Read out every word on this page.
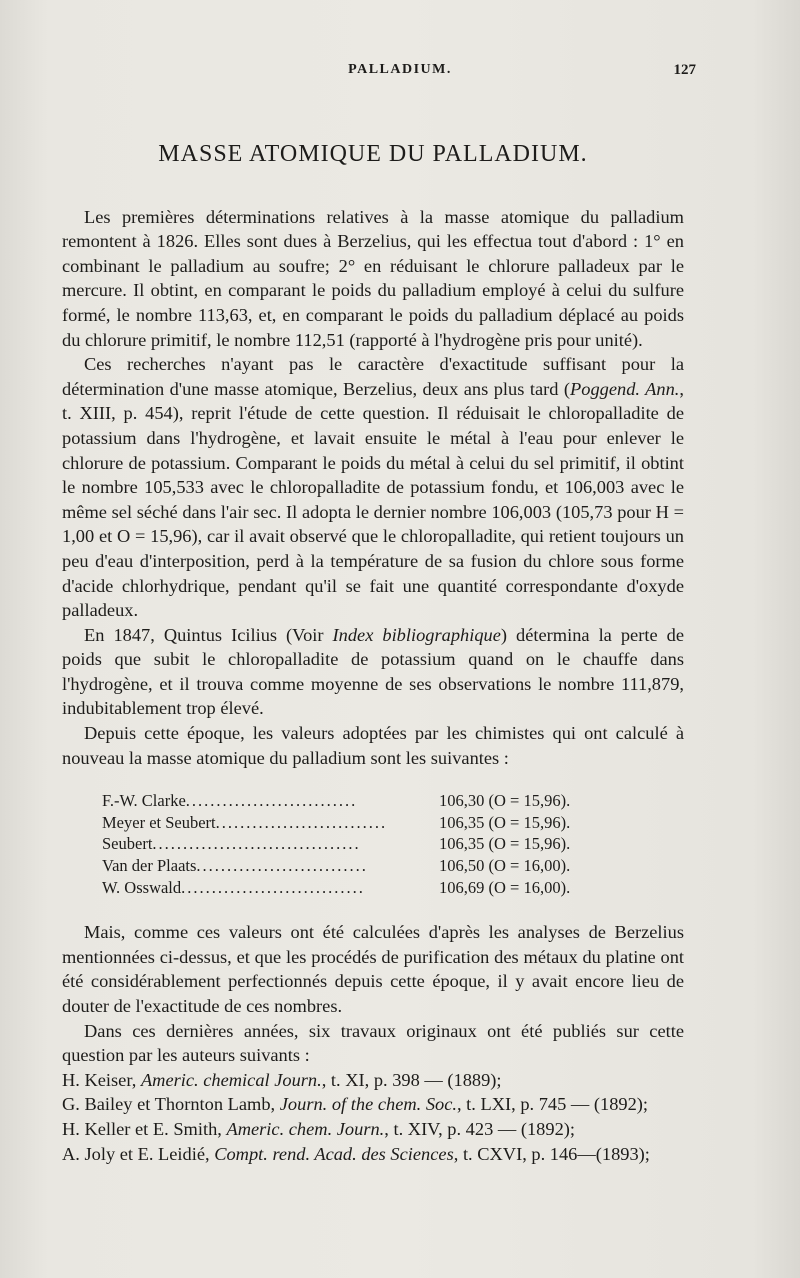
PALLADIUM.	127
MASSE ATOMIQUE DU PALLADIUM.

Les premières déterminations relatives à la masse atomique du palladium remontent à 1826. Elles sont dues à Berzelius, qui les effectua tout d'abord : 1° en combinant le palladium au soufre; 2° en réduisant le chlorure palladeux par le mercure. Il obtint, en comparant le poids du palladium employé à celui du sulfure formé, le nombre 113,63, et, en comparant le poids du palladium déplacé au poids du chlorure primitif, le nombre 112,51 (rapporté à l'hydrogène pris pour unité).

Ces recherches n'ayant pas le caractère d'exactitude suffisant pour la détermination d'une masse atomique, Berzelius, deux ans plus tard (Poggend. Ann., t. XIII, p. 454), reprit l'étude de cette question. Il réduisait le chloropalladite de potassium dans l'hydrogène, et lavait ensuite le métal à l'eau pour enlever le chlorure de potassium. Comparant le poids du métal à celui du sel primitif, il obtint le nombre 105,533 avec le chloropalladite de potassium fondu, et 106,003 avec le même sel séché dans l'air sec. Il adopta le dernier nombre 106,003 (105,73 pour H = 1,00 et O = 15,96), car il avait observé que le chloropalladite, qui retient toujours un peu d'eau d'interposition, perd à la température de sa fusion du chlore sous forme d'acide chlorhydrique, pendant qu'il se fait une quantité correspondante d'oxyde palladeux.

En 1847, Quintus Icilius (Voir Index bibliographique) détermina la perte de poids que subit le chloropalladite de potassium quand on le chauffe dans l'hydrogène, et il trouva comme moyenne de ses observations le nombre 111,879, indubitablement trop élevé.

Depuis cette époque, les valeurs adoptées par les chimistes qui ont calculé à nouveau la masse atomique du palladium sont les suivantes :

F.-W. Clarke............................	106,30 (O = 15,96).
Meyer et Seubert............................	106,35 (O = 15,96).
Seubert..................................	106,35 (O = 15,96).
Van der Plaats............................	106,50 (O = 16,00).
W. Osswald..............................	106,69 (O = 16,00).

Mais, comme ces valeurs ont été calculées d'après les analyses de Berzelius mentionnées ci-dessus, et que les procédés de purification des métaux du platine ont été considérablement perfectionnés depuis cette époque, il y avait encore lieu de douter de l'exactitude de ces nombres.

Dans ces dernières années, six travaux originaux ont été publiés sur cette question par les auteurs suivants :

H. Keiser, Americ. chemical Journ., t. XI, p. 398 — (1889);

G. Bailey et Thornton Lamb, Journ. of the chem. Soc., t. LXI, p. 745 — (1892);

H. Keller et E. Smith, Americ. chem. Journ., t. XIV, p. 423 — (1892);

A. Joly et E. Leidié, Compt. rend. Acad. des Sciences, t. CXVI, p. 146—(1893);
